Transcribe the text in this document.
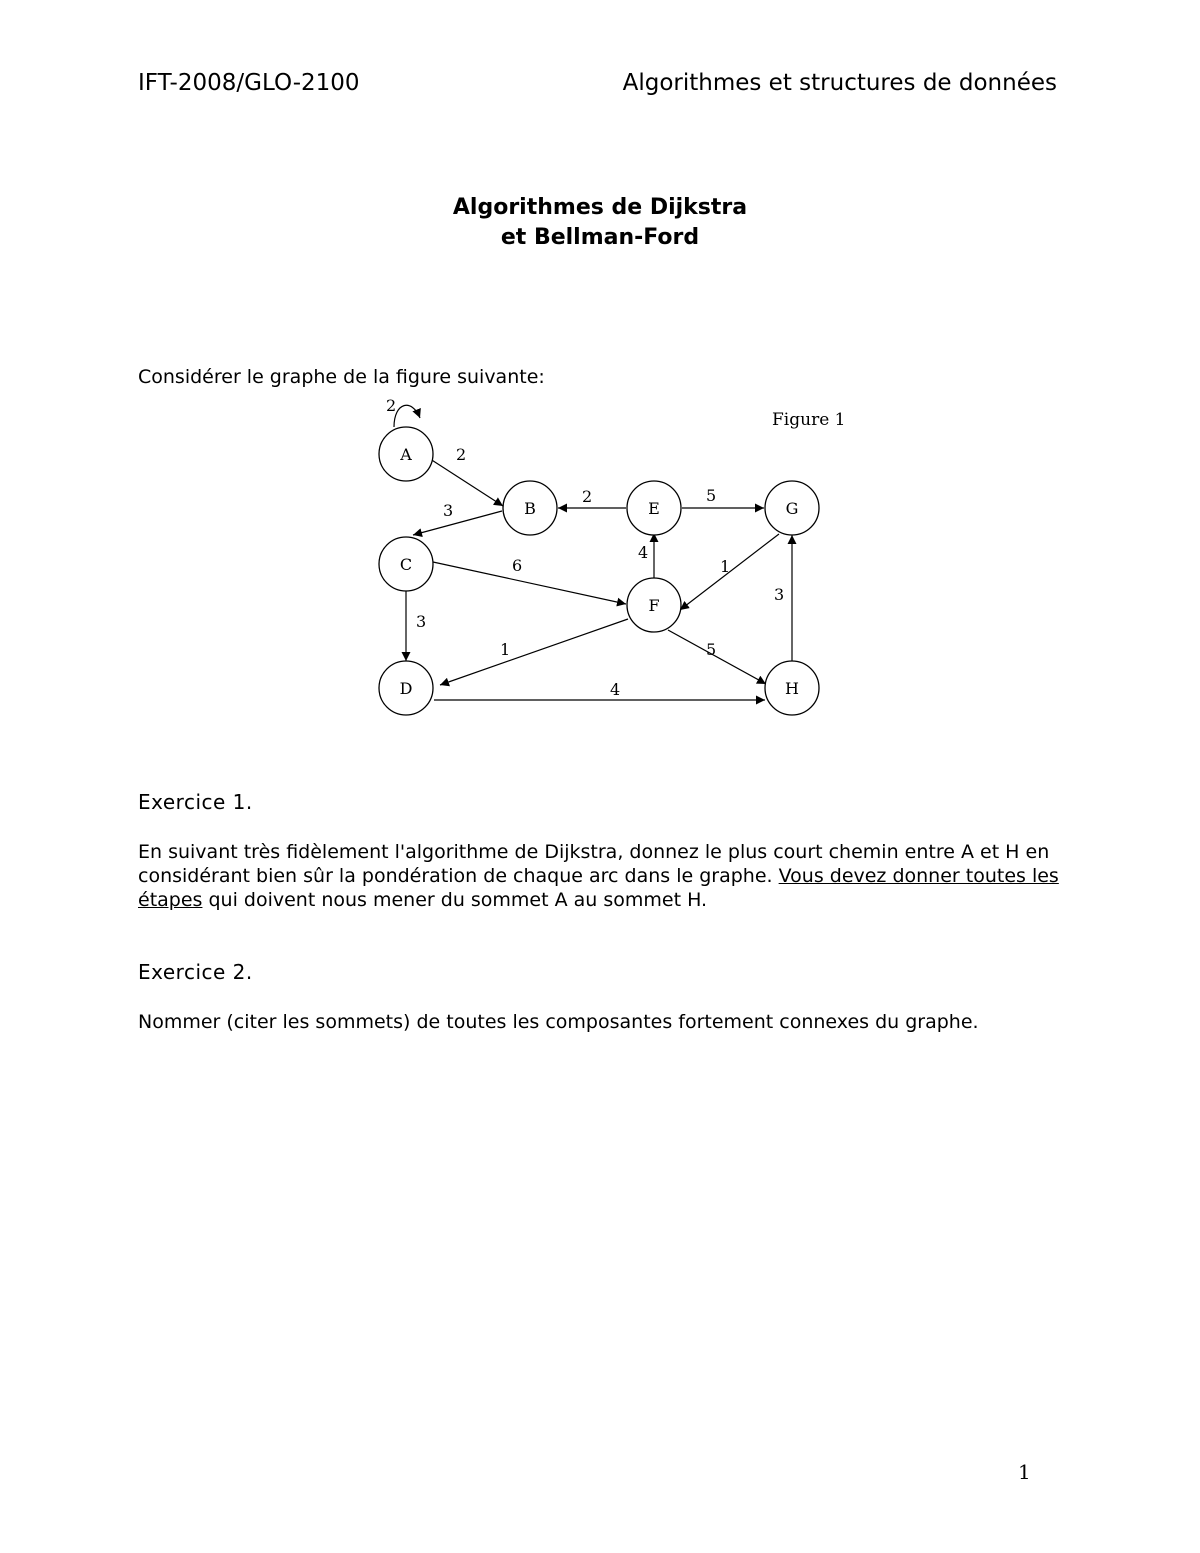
IFT-2008/GLO-2100	Algorithmes et structures de données
Algorithmes de Dijkstra
et Bellman-Ford
Considérer le graphe de la figure suivante:
Figure 1
2
2
3
2	5
6
3
4
1
1	5
3
4
A
B
C
D
E
F
G
H
Exercice 1.
En suivant très fidèlement l'algorithme de Dijkstra, donnez le plus court chemin entre A et H en considérant bien sûr la pondération de chaque arc dans le graphe. Vous devez donner toutes les étapes qui doivent nous mener du sommet A au sommet H.
Exercice 2.
Nommer (citer les sommets) de toutes les composantes fortement connexes du graphe.
1
